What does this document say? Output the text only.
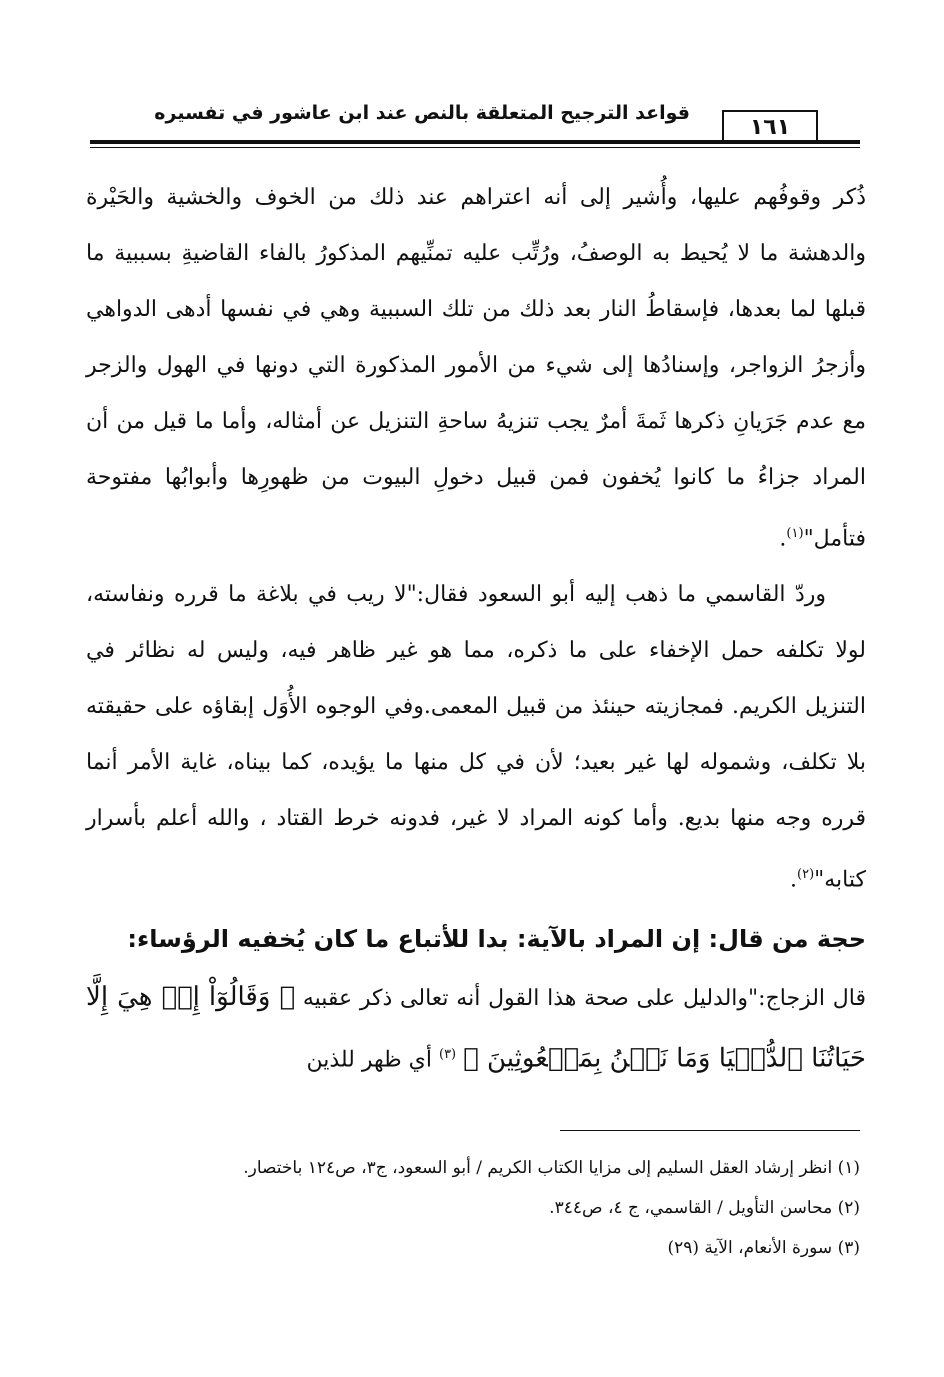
قواعد الترجيح المتعلقة بالنص عند ابن عاشور في تفسيره
١٦١

ذُكر وقوفُهم عليها، وأُشير إلى أنه اعتراهم عند ذلك من الخوف والخشية والحَيْرة والدهشة ما لا يُحيط به الوصفُ، ورُتِّب عليه تمنِّيهم المذكورُ بالفاء القاضيةِ بسببية ما قبلها لما بعدها، فإسقاطُ النار بعد ذلك من تلك السببية وهي في نفسها أدهى الدواهي وأزجرُ الزواجر، وإسنادُها إلى شيء من الأمور المذكورة التي دونها في الهول والزجر مع عدم جَرَيانِ ذكرها ثَمةَ أمرٌ يجب تنزيهُ ساحةِ التنزيل عن أمثاله، وأما ما قيل من أن المراد جزاءُ ما كانوا يُخفون فمن قبيل دخولِ البيوت من ظهورِها وأبوابُها مفتوحة فتأمل"$^{(١)}$.

وردّ القاسمي ما ذهب إليه أبو السعود فقال:"لا ريب في بلاغة ما قرره ونفاسته، لولا تكلفه حمل الإخفاء على ما ذكره، مما هو غير ظاهر فيه، وليس له نظائر في التنزيل الكريم. فمجازيته حينئذ من قبيل المعمى.وفي الوجوه الأُوَل إبقاؤه على حقيقته بلا تكلف، وشموله لها غير بعيد؛ لأن في كل منها ما يؤيده، كما بيناه، غاية الأمر أنما قرره وجه منها بديع. وأما كونه المراد لا غير، فدونه خرط القتاد ، والله أعلم بأسرار كتابه"$^{(٢)}$.

حجة من قال: إن المراد بالآية: بدا للأتباع ما كان يُخفيه الرؤساء:

قال الزجاج:"والدليل على صحة هذا القول أنه تعالى ذكر عقبيه ﴿ وَقَالُوٓاْ إِنۡ هِيَ إِلَّا حَيَاتُنَا ٱلدُّنۡيَا وَمَا نَحۡنُ بِمَبۡعُوثِينَ ﴾ $^{(٣)}$ أي ظهر للذين

(١) انظر إرشاد العقل السليم إلى مزايا الكتاب الكريم / أبو السعود، ج٣، ص١٢٤ باختصار.

(٢) محاسن التأويل / القاسمي، ج ٤، ص٣٤٤.

(٣) سورة الأنعام، الآية (٢٩)
